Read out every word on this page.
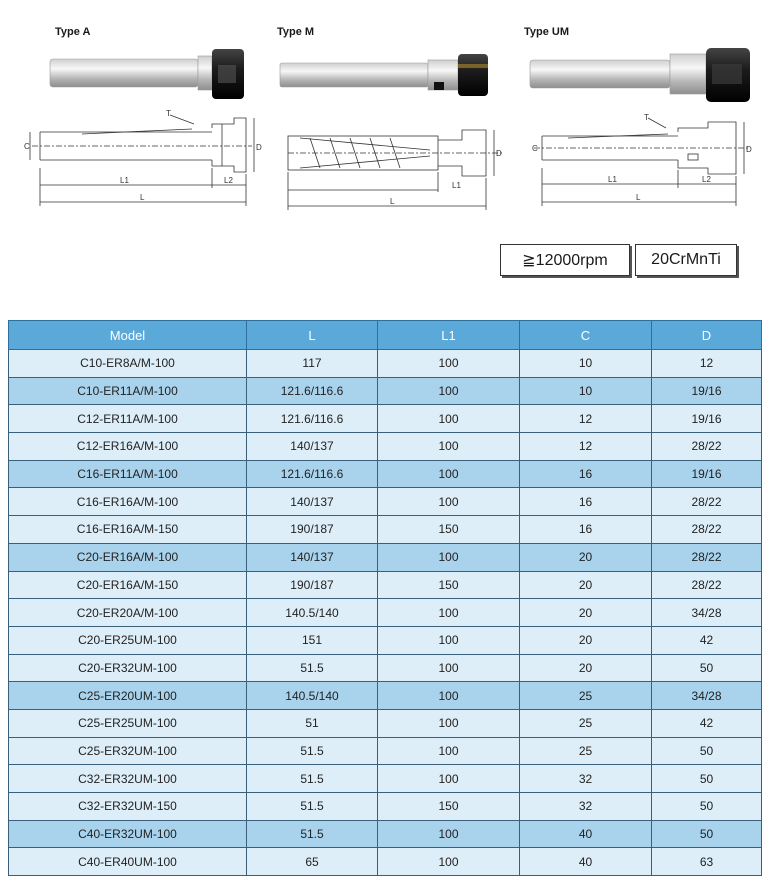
Type A	Type M	Type UM
C	D
T
L1	L2
L
D
L1
L
C	D
T
L1	L2
L
≧12000rpm	20CrMnTi
Model	L	L1	C	D
C10-ER8A/M-100	117	100	10	12
C10-ER11A/M-100	121.6/116.6	100	10	19/16
C12-ER11A/M-100	121.6/116.6	100	12	19/16
C12-ER16A/M-100	140/137	100	12	28/22
C16-ER11A/M-100	121.6/116.6	100	16	19/16
C16-ER16A/M-100	140/137	100	16	28/22
C16-ER16A/M-150	190/187	150	16	28/22
C20-ER16A/M-100	140/137	100	20	28/22
C20-ER16A/M-150	190/187	150	20	28/22
C20-ER20A/M-100	140.5/140	100	20	34/28
C20-ER25UM-100	151	100	20	42
C20-ER32UM-100	51.5	100	20	50
C25-ER20UM-100	140.5/140	100	25	34/28
C25-ER25UM-100	51	100	25	42
C25-ER32UM-100	51.5	100	25	50
C32-ER32UM-100	51.5	100	32	50
C32-ER32UM-150	51.5	150	32	50
C40-ER32UM-100	51.5	100	40	50
C40-ER40UM-100	65	100	40	63
